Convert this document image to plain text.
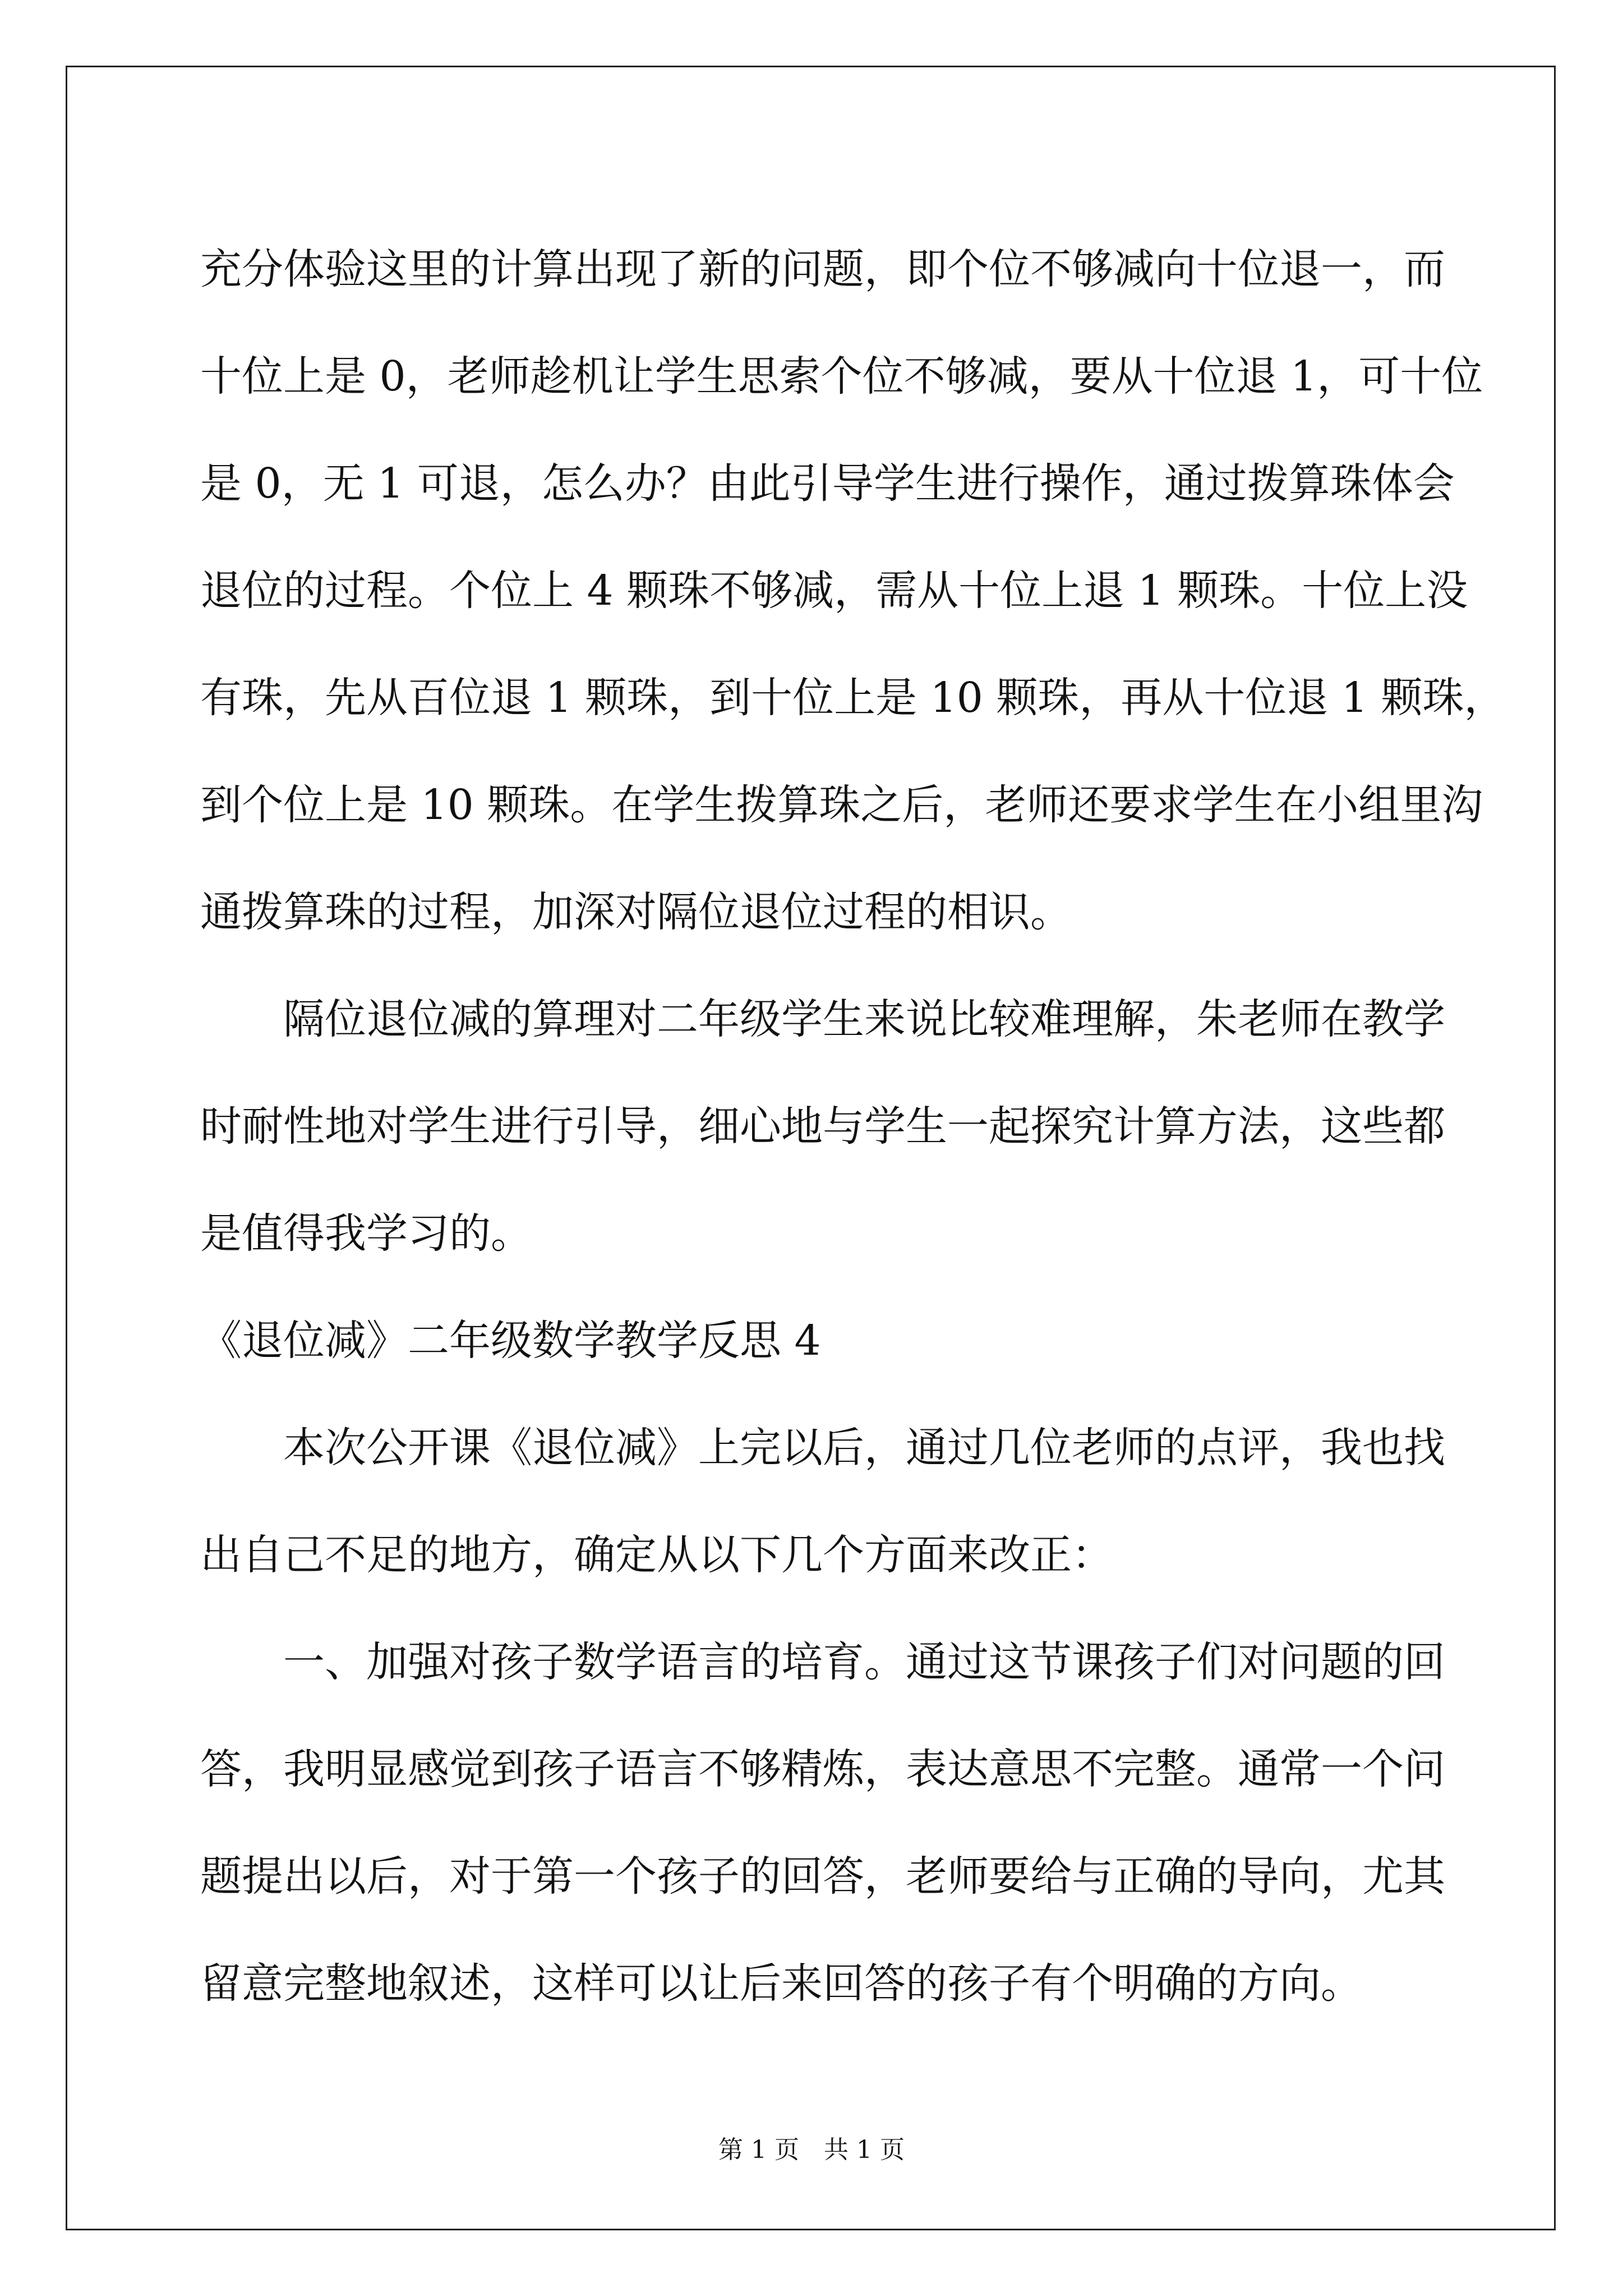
充分体验这里的计算出现了新的问题，即个位不够减向十位退一，而
十位上是 0，老师趁机让学生思索个位不够减，要从十位退 1，可十位
是 0，无 1 可退，怎么办？由此引导学生进行操作，通过拨算珠体会
退位的过程。个位上 4 颗珠不够减，需从十位上退 1 颗珠。十位上没
有珠，先从百位退 1 颗珠，到十位上是 10 颗珠，再从十位退 1 颗珠，
到个位上是 10 颗珠。在学生拨算珠之后，老师还要求学生在小组里沟
通拨算珠的过程，加深对隔位退位过程的相识。
隔位退位减的算理对二年级学生来说比较难理解，朱老师在教学
时耐性地对学生进行引导，细心地与学生一起探究计算方法，这些都
是值得我学习的。
《退位减》二年级数学教学反思 4
本次公开课《退位减》上完以后，通过几位老师的点评，我也找
出自己不足的地方，确定从以下几个方面来改正：
一、加强对孩子数学语言的培育。通过这节课孩子们对问题的回
答，我明显感觉到孩子语言不够精炼，表达意思不完整。通常一个问
题提出以后，对于第一个孩子的回答，老师要给与正确的导向，尤其
留意完整地叙述，这样可以让后来回答的孩子有个明确的方向。
第 1 页　共 1 页
